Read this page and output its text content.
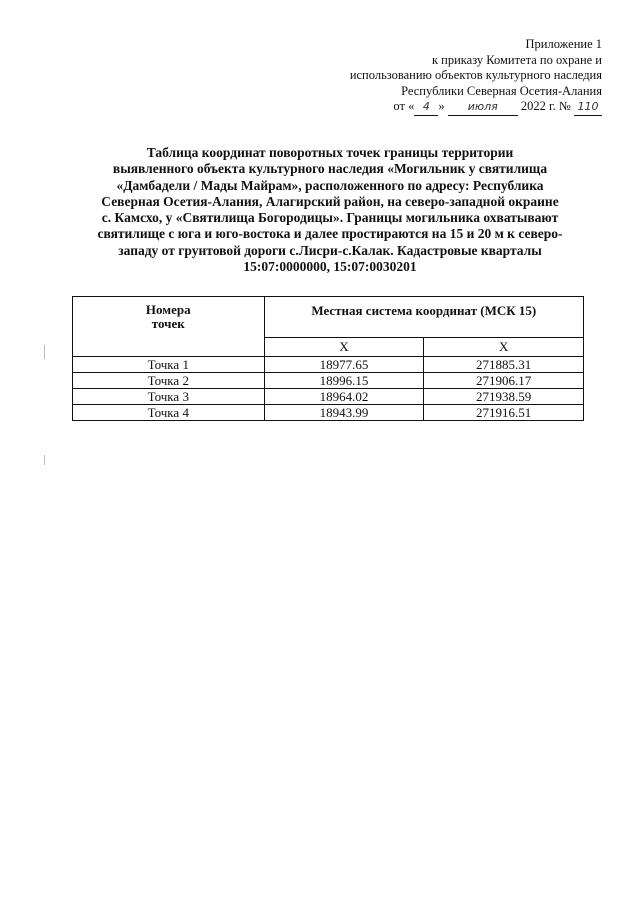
Приложение 1
к приказу Комитета по охране и
использованию объектов культурного наследия
Республики Северная Осетия-Алания
от « 4 » июля 2022 г. № 110
Таблица координат поворотных точек границы территории
выявленного объекта культурного наследия «Могильник у святилища
«Дамбадели / Мады Майрам», расположенного по адресу: Республика
Северная Осетия-Алания, Алагирский район, на северо-западной окраине
с. Камсхо, у «Святилища Богородицы». Границы могильника охватывают
святилище с юга и юго-востока и далее простираются на 15 и 20 м к северо-
западу от грунтовой дороги с.Лисри-с.Калак. Кадастровые кварталы
15:07:0000000, 15:07:0030201
Номера
точек	Местная система координат (МСК 15)	
	X	X
Точка 1	18977.65	271885.31
Точка 2	18996.15	271906.17
Точка 3	18964.02	271938.59
Точка 4	18943.99	271916.51
